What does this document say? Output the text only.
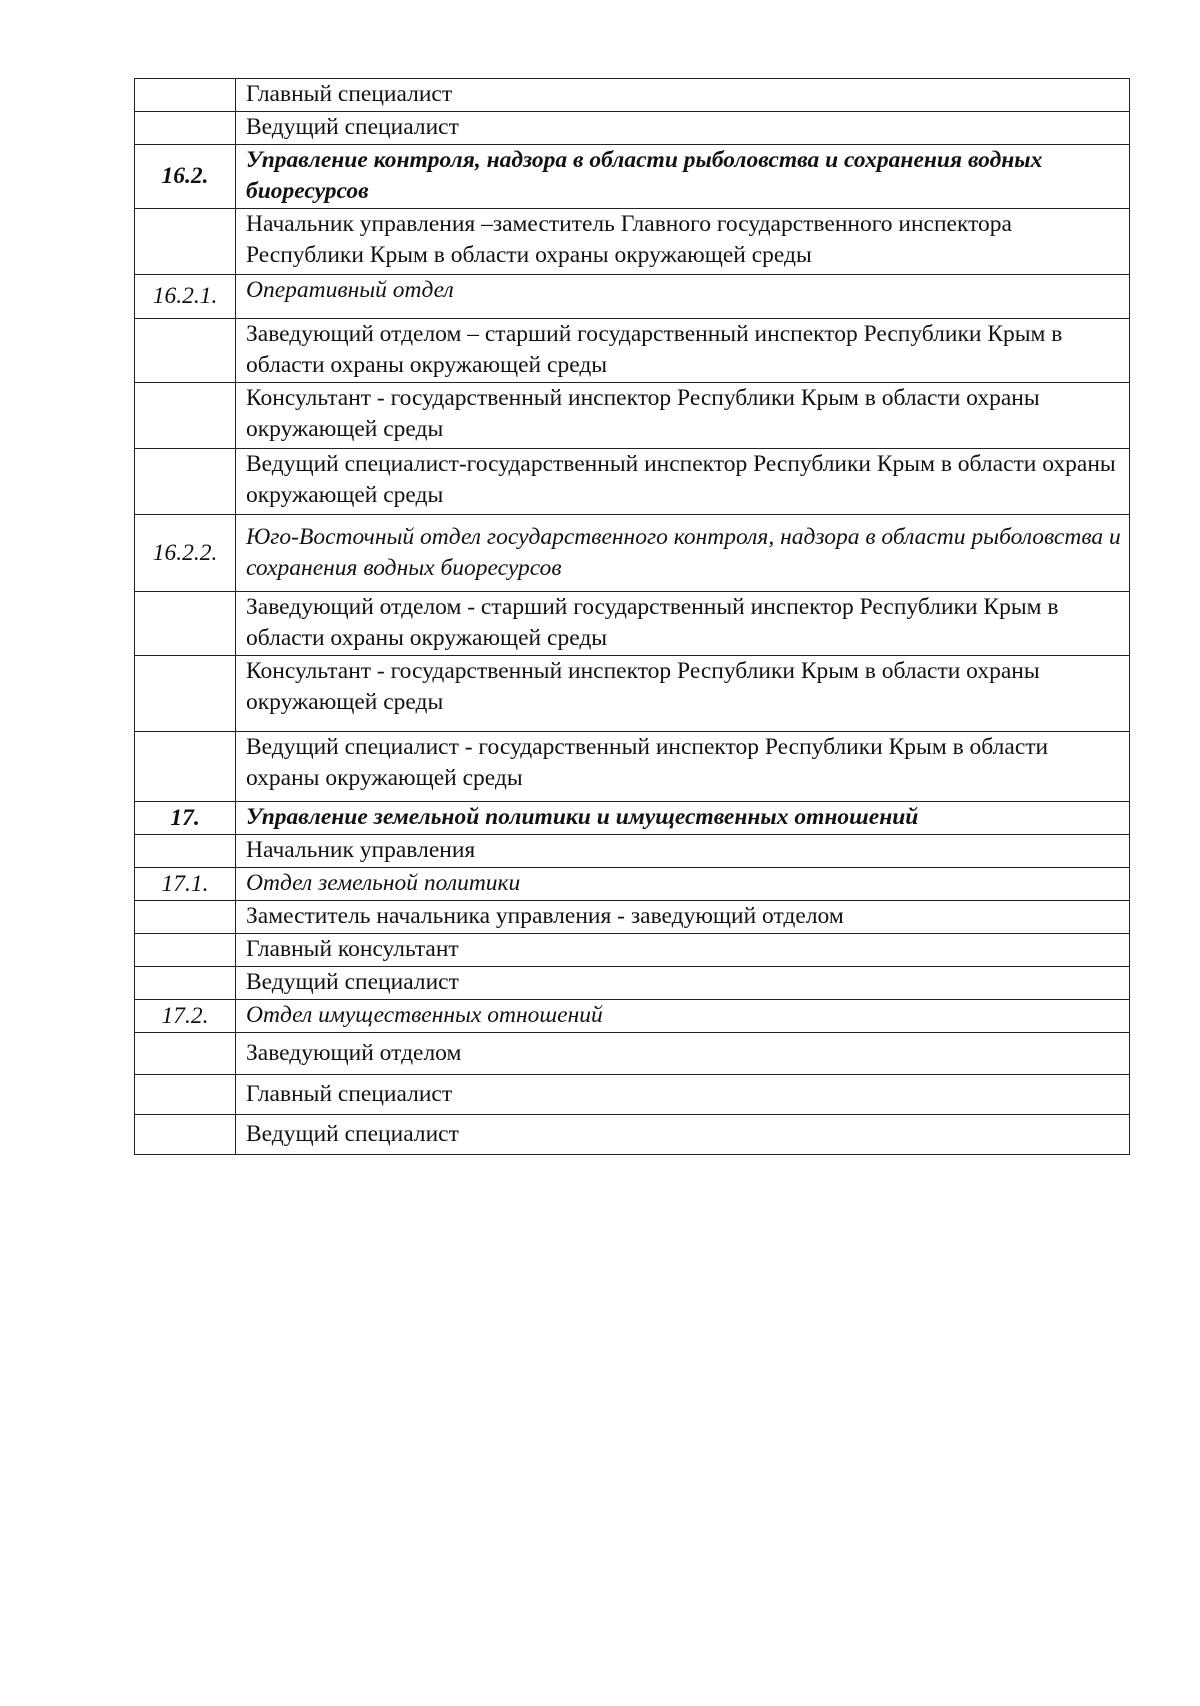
	Главный специалист
	Ведущий специалист
16.2.	Управление контроля, надзора в области рыболовства и сохранения водных биоресурсов
	Начальник управления –заместитель Главного государственного инспектора Республики Крым в области охраны окружающей среды
16.2.1.	Оперативный отдел
	Заведующий отделом – старший государственный инспектор Республики Крым в области охраны окружающей среды
	Консультант - государственный инспектор Республики Крым в области охраны окружающей среды
	Ведущий специалист-государственный инспектор Республики Крым в области охраны окружающей среды
16.2.2.	Юго-Восточный отдел государственного контроля, надзора в области рыболовства и сохранения водных биоресурсов
	Заведующий отделом - старший государственный инспектор Республики Крым в области охраны окружающей среды
	Консультант - государственный инспектор Республики Крым в области охраны окружающей среды
	Ведущий специалист - государственный инспектор Республики Крым в области охраны окружающей среды
17.	Управление земельной политики и имущественных отношений
	Начальник управления
17.1.	Отдел земельной политики
	Заместитель начальника управления - заведующий отделом
	Главный консультант
	Ведущий специалист
17.2.	Отдел имущественных отношений
	Заведующий отделом
	Главный специалист
	Ведущий специалист
